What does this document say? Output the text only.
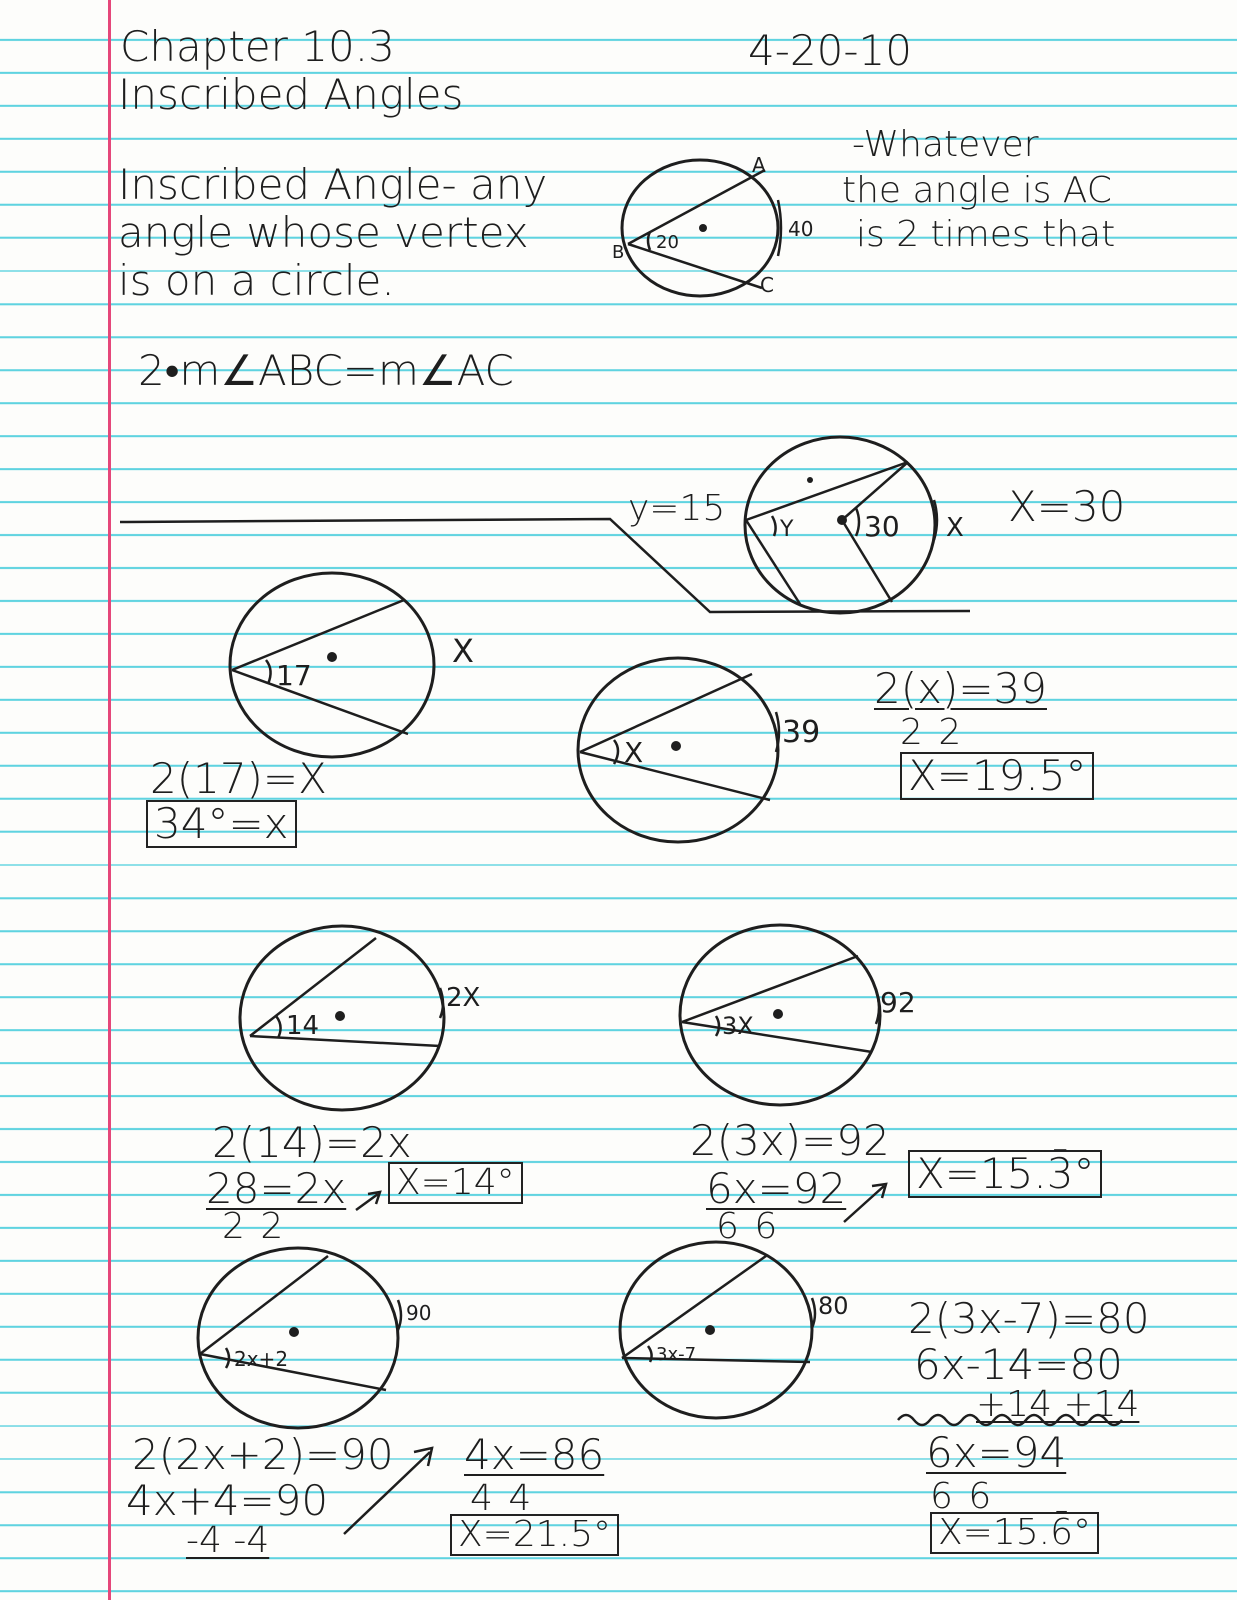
A
B
C
20
40
Y	30 X
17
X
X
39
14
2X
3X
92
2x+2
90
3x-7
80
Chapter 10.3
Inscribed Angles
4-20-10
Inscribed Angle- any
angle whose vertex
is on a circle.
-Whatever
the angle is AC
is 2 times that
2•m∠ABC=m∠AC
y=15	X=30
2(17)=X
34°=x
2(x)=39
2 2
X=19.5°
2(14)=2x
28=2x
2 2
X=14°
2(3x)=92
6x=92
6 6
X=15.3̄°
2(2x+2)=90
4x+4=90
-4 -4
4x=86
4 4
X=21.5°
2(3x-7)=80
6x-14=80
+14 +14
6x=94
6 6
X=15.6̄°
